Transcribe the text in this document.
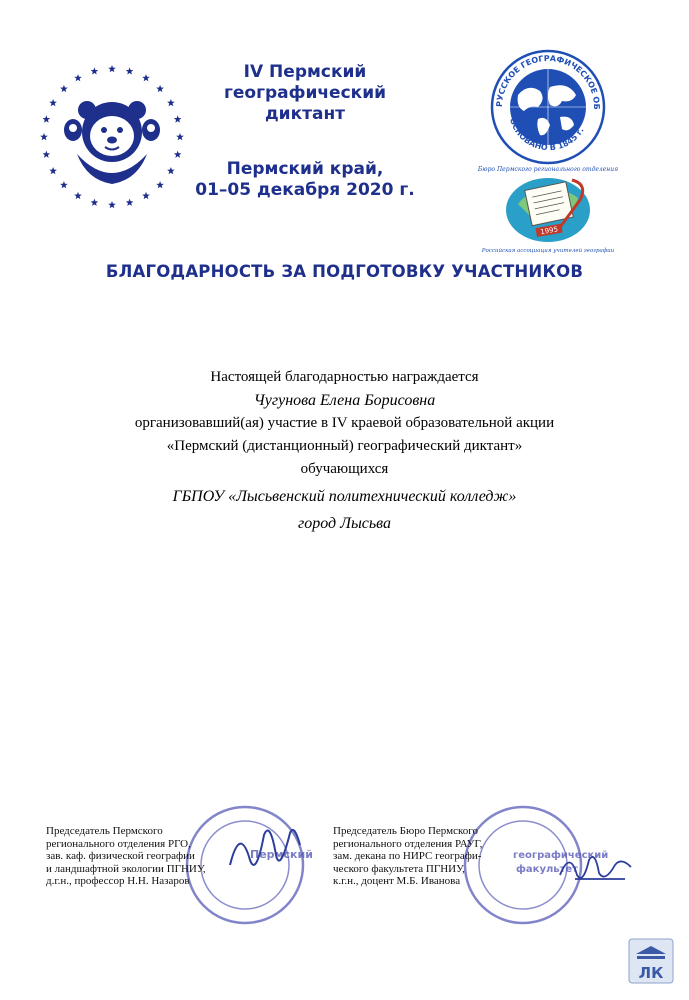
IV Пермский
географический диктант
Пермский край,
01–05 декабря 2020 г.
РУССКОЕ ГЕОГРАФИЧЕСКОЕ ОБЩЕСТВО
ОСНОВАНО В 1845 г.
Бюро Пермского регионального отделения
1995
Российская ассоциация учителей географии
БЛАГОДАРНОСТЬ ЗА ПОДГОТОВКУ УЧАСТНИКОВ
Настоящей благодарностью награждается
Чугунова Елена Борисовна
организовавший(ая) участие в IV краевой образовательной акции
«Пермский (дистанционный) географический диктант»
обучающихся
ГБПОУ «Лысьвенский политехнический колледж»
город Лысьва
Пермский	географический
факультет
Председатель Пермского
регионального отделения РГО,
зав. каф. физической географии
и ландшафтной экологии ПГНИУ,
д.г.н., профессор Н.Н. Назаров
Председатель Бюро Пермского
регионального отделения РАУГ,
зам. декана по НИРС географи-
ческого факультета ПГНИУ,
к.г.н., доцент М.Б. Иванова
ЛК
